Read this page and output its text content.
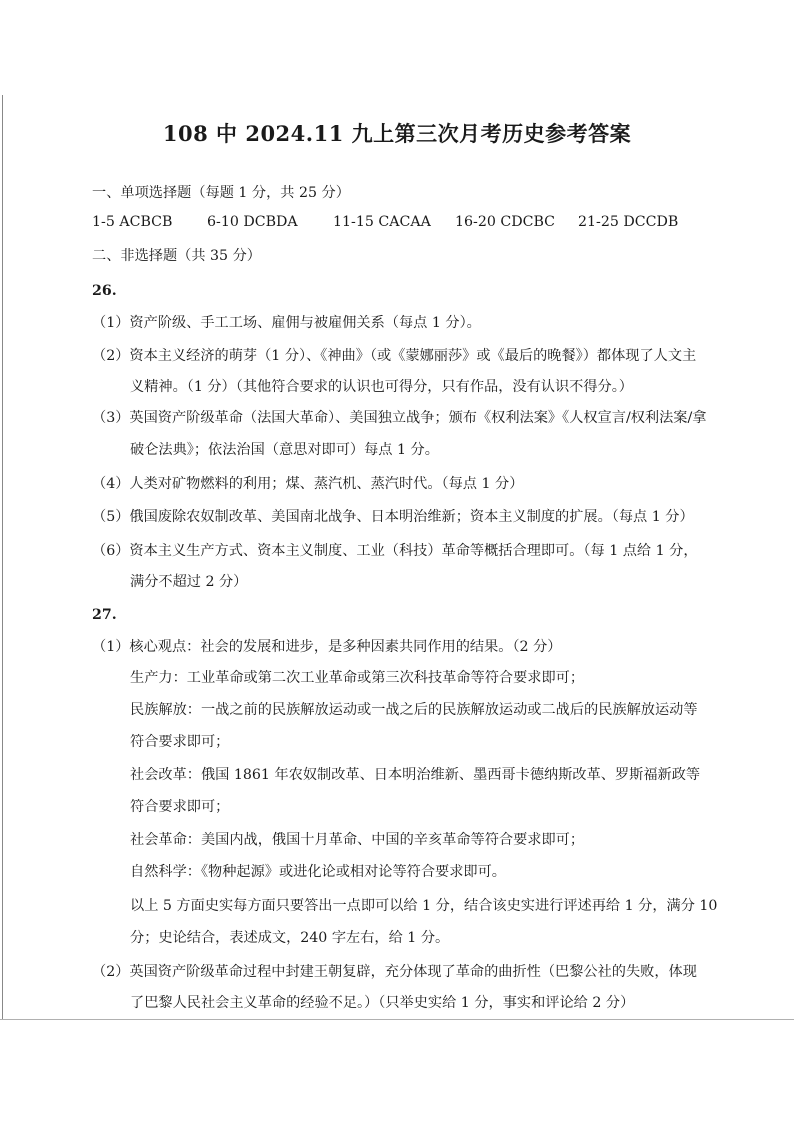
108 中 2024.11 九上第三次月考历史参考答案
一、单项选择题（每题 1 分，共 25 分）
1-5 ACBCB 6-10 DCBDA 11-15 CACAA 16-20 CDCBC 21-25 DCCDB
二、非选择题（共 35 分）
26.
（1）资产阶级、手工工场、雇佣与被雇佣关系（每点 1 分）。
（2）资本主义经济的萌芽（1 分）、《神曲》（或《蒙娜丽莎》或《最后的晚餐》）都体现了人文主
义精神。（1 分）（其他符合要求的认识也可得分，只有作品，没有认识不得分。）
（3）英国资产阶级革命（法国大革命）、美国独立战争；颁布《权利法案》《人权宣言/权利法案/拿
破仑法典》；依法治国（意思对即可）每点 1 分。
（4）人类对矿物燃料的利用；煤、蒸汽机、蒸汽时代。（每点 1 分）
（5）俄国废除农奴制改革、美国南北战争、日本明治维新；资本主义制度的扩展。（每点 1 分）
（6）资本主义生产方式、资本主义制度、工业（科技）革命等概括合理即可。（每 1 点给 1 分，
满分不超过 2 分）
27.
（1）核心观点：社会的发展和进步，是多种因素共同作用的结果。（2 分）
生产力：工业革命或第二次工业革命或第三次科技革命等符合要求即可；
民族解放：一战之前的民族解放运动或一战之后的民族解放运动或二战后的民族解放运动等
符合要求即可；
社会改革：俄国 1861 年农奴制改革、日本明治维新、墨西哥卡德纳斯改革、罗斯福新政等
符合要求即可；
社会革命：美国内战，俄国十月革命、中国的辛亥革命等符合要求即可；
自然科学：《物种起源》或进化论或相对论等符合要求即可。
以上 5 方面史实每方面只要答出一点即可以给 1 分，结合该史实进行评述再给 1 分，满分 10
分；史论结合，表述成文，240 字左右，给 1 分。
（2）英国资产阶级革命过程中封建王朝复辟，充分体现了革命的曲折性（巴黎公社的失败，体现
了巴黎人民社会主义革命的经验不足。）（只举史实给 1 分，事实和评论给 2 分）
